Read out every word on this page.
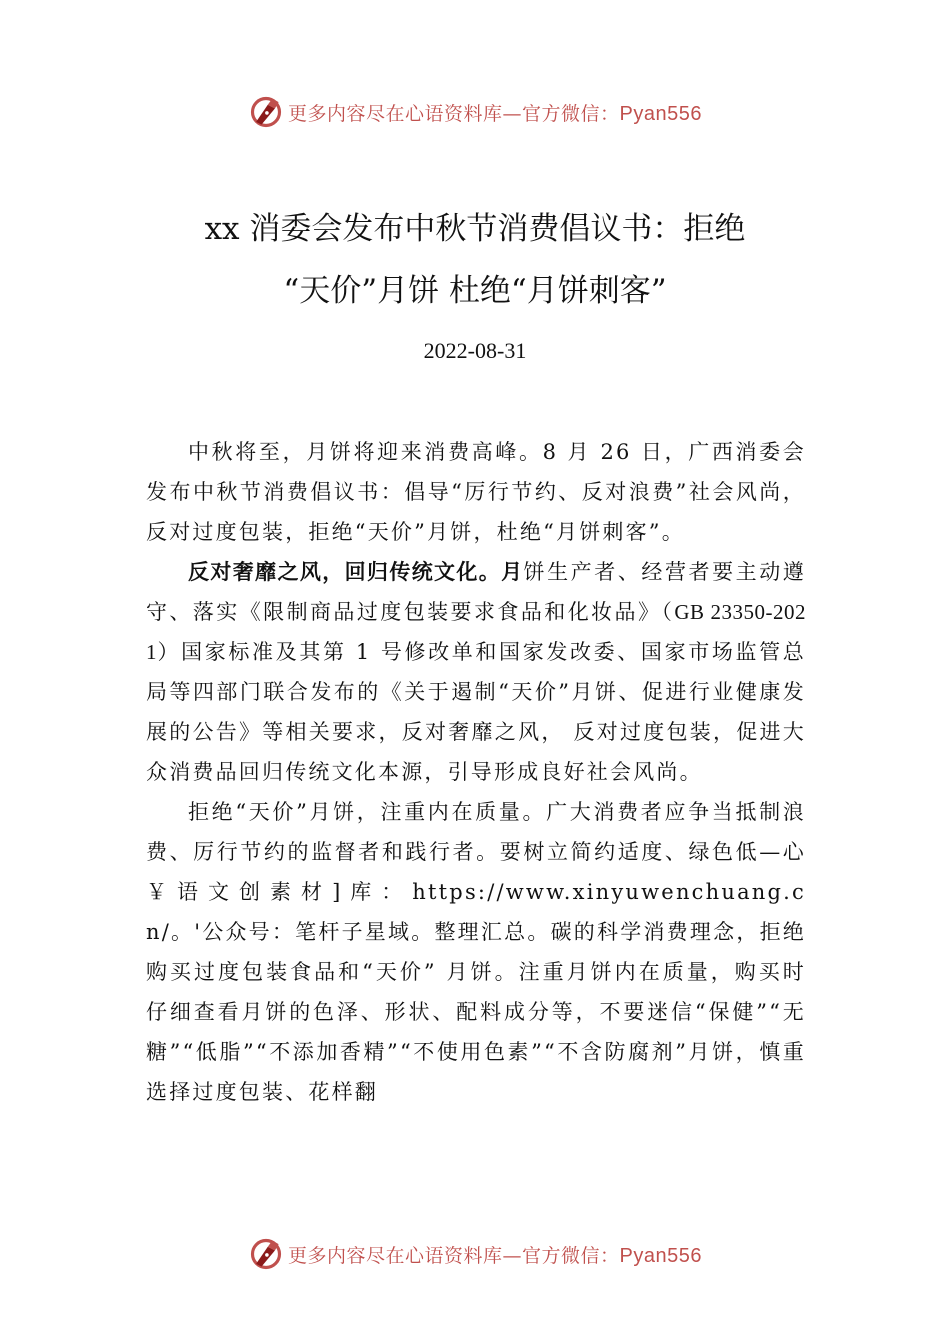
更多内容尽在心语资料库—官方微信：Pyan556
xx 消委会发布中秋节消费倡议书：拒绝
“天价”月饼 杜绝“月饼刺客”
2022-08-31

中秋将至，月饼将迎来消费高峰。8 月 26 日，广西消委会发布中秋节消费倡议书：倡导“厉行节约、反对浪费”社会风尚，反对过度包装，拒绝“天价”月饼，杜绝“月饼刺客”。

反对奢靡之风，回归传统文化。月饼生产者、经营者要主动遵守、落实《限制商品过度包装要求食品和化妆品》（GB 23350-2021）国家标准及其第 1 号修改单和国家发改委、国家市场监管总局等四部门联合发布的《关于遏制“天价”月饼、促进行业健康发展的公告》等相关要求，反对奢靡之风， 反对过度包装，促进大众消费品回归传统文化本源，引导形成良好社会风尚。

拒绝“天价”月饼，注重内在质量。广大消费者应争当抵制浪费、厉行节约的监督者和践行者。要树立简约适度、绿色低—心￥语文创素材]库：https://www.xinyuwenchuang.cn/。'公众号：笔杆子星域。整理汇总。碳的科学消费理念，拒绝购买过度包装食品和“天价” 月饼。注重月饼内在质量，购买时仔细查看月饼的色泽、形状、配料成分等，不要迷信“保健”“无糖”“低脂”“不添加香精”“不使用色素”“不含防腐剂”月饼，慎重选择过度包装、花样翻

更多内容尽在心语资料库—官方微信：Pyan556
